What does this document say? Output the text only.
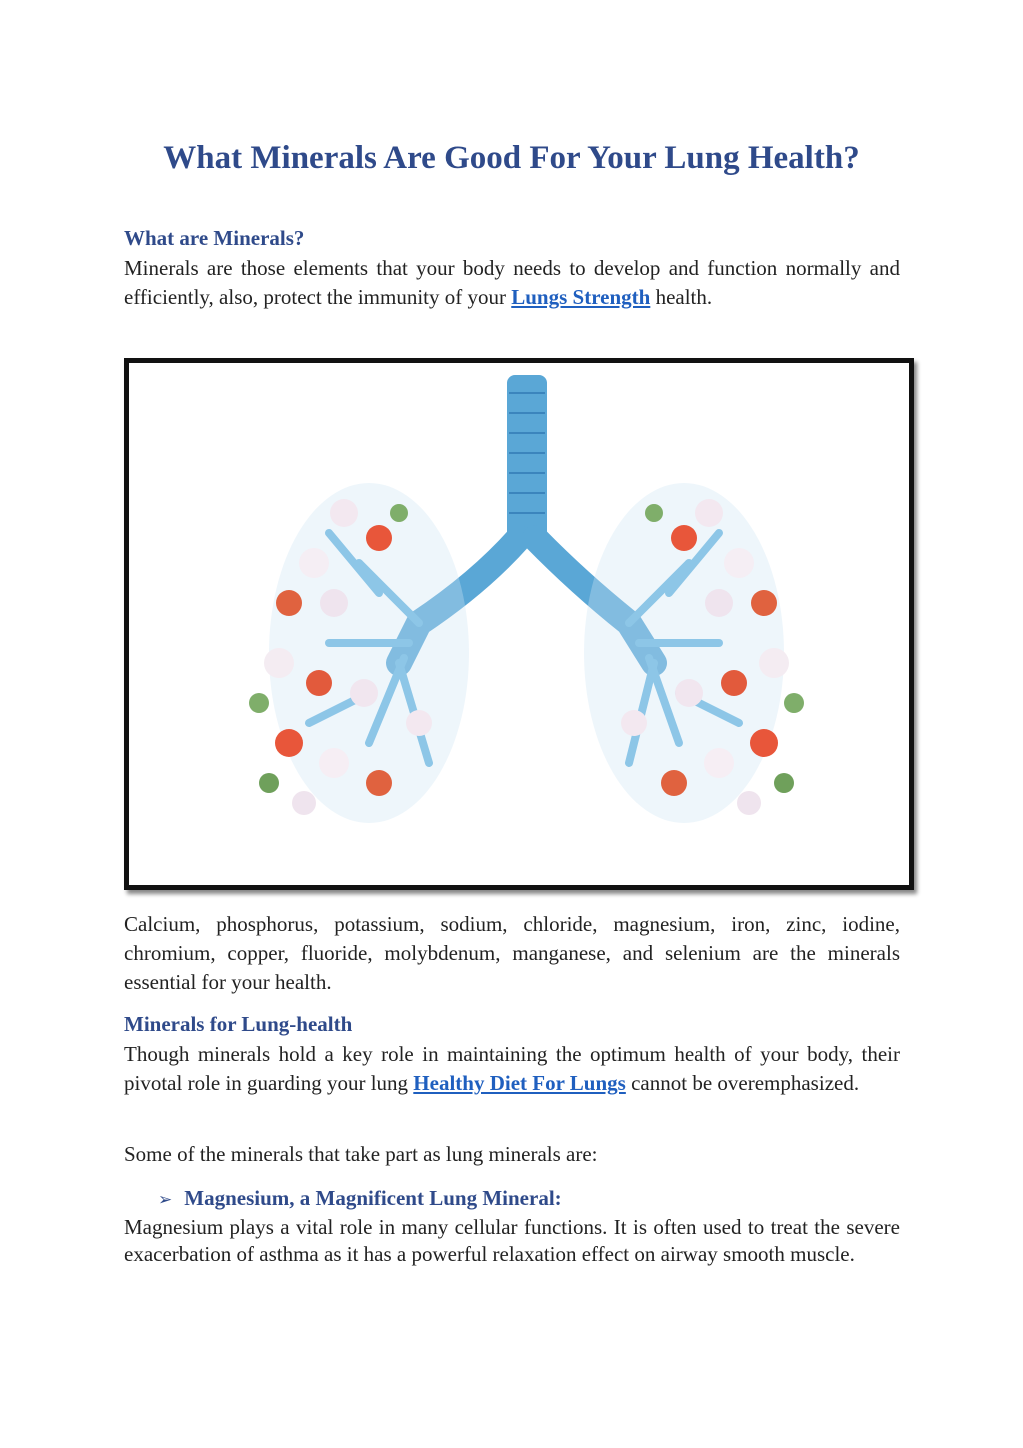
What Minerals Are Good For Your Lung Health?
What are Minerals?

Minerals are those elements that your body needs to develop and function normally and efficiently, also, protect the immunity of your Lungs Strength health.

Calcium, phosphorus, potassium, sodium, chloride, magnesium, iron, zinc, iodine, chromium, copper, fluoride, molybdenum, manganese, and selenium are the minerals essential for your health.

Minerals for Lung-health

Though minerals hold a key role in maintaining the optimum health of your body, their pivotal role in guarding your lung Healthy Diet For Lungs cannot be overemphasized.

Some of the minerals that take part as lung minerals are:

➢ Magnesium, a Magnificent Lung Mineral:

Magnesium plays a vital role in many cellular functions. It is often used to treat the severe exacerbation of asthma as it has a powerful relaxation effect on airway smooth muscle.
